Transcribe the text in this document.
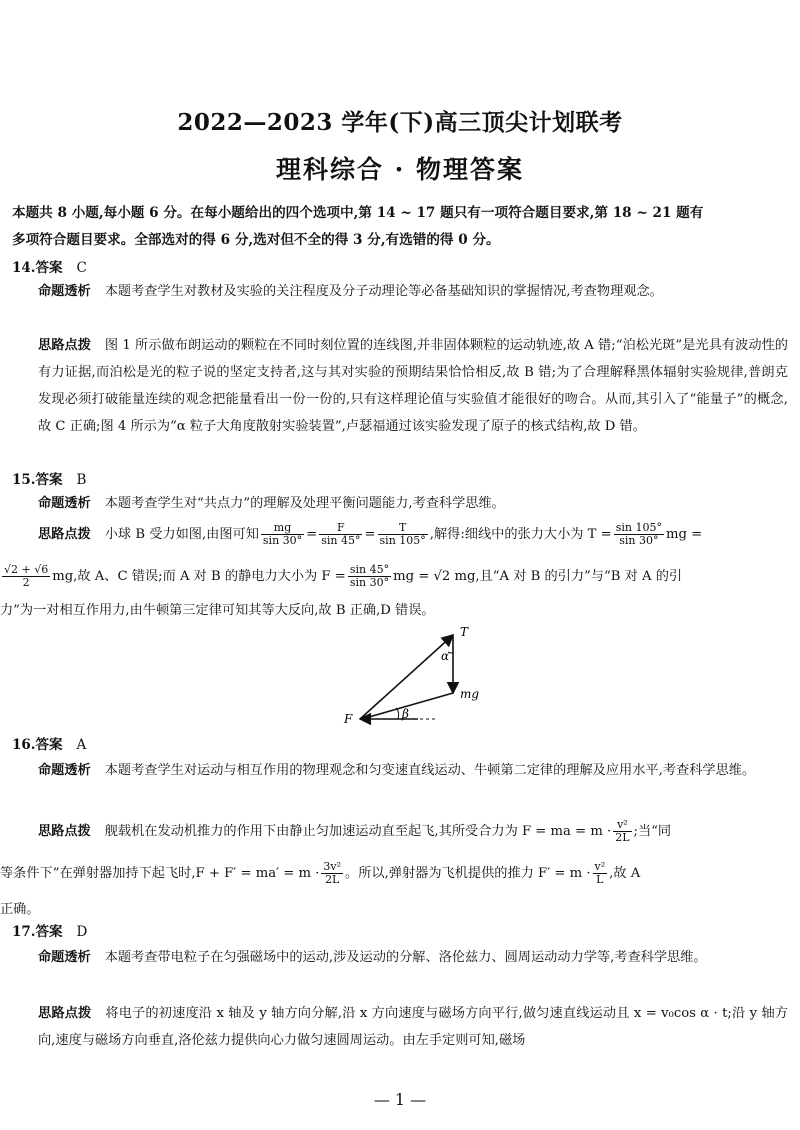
2022—2023 学年(下)高三顶尖计划联考
理科综合 · 物理答案
本题共 8 小题,每小题 6 分。在每小题给出的四个选项中,第 14 ~ 17 题只有一项符合题目要求,第 18 ~ 21 题有
多项符合题目要求。全部选对的得 6 分,选对但不全的得 3 分,有选错的得 0 分。
14.答案 C
命题透析 本题考查学生对教材及实验的关注程度及分子动理论等必备基础知识的掌握情况,考查物理观念。
思路点拨 图 1 所示做布朗运动的颗粒在不同时刻位置的连线图,并非固体颗粒的运动轨迹,故 A 错;“泊松光斑”是光具有波动性的有力证据,而泊松是光的粒子说的坚定支持者,这与其对实验的预期结果恰恰相反,故 B 错;为了合理解释黑体辐射实验规律,普朗克发现必须打破能量连续的观念把能量看出一份一份的,只有这样理论值与实验值才能很好的吻合。从而,其引入了“能量子”的概念,故 C 正确;图 4 所示为“α 粒子大角度散射实验装置”,卢瑟福通过该实验发现了原子的核式结构,故 D 错。
15.答案 B
命题透析 本题考查学生对“共点力”的理解及处理平衡问题能力,考查科学思维。
思路点拨 小球 B 受力如图,由图可知 $\frac{mg}{\sin 30^\circ} = \frac{F}{\sin 45^\circ} = \frac{T}{\sin 105^\circ}$ ,解得:细线中的张力大小为 $T = \frac{\sin 105^\circ}{\sin 30^\circ}$ mg =
$\frac{√2 + √6}{2}$ mg,故 A、C 错误;而 A 对 B 的静电力大小为 $F = \frac{\sin 45^\circ}{\sin 30^\circ}$ mg = √2 mg,且“A 对 B 的引力”与“B 对 A 的引
力”为一对相互作用力,由牛顿第三定律可知其等大反向,故 B 正确,D 错误。
T
α
mg
F	β
16.答案 A
命题透析 本题考查学生对运动与相互作用的物理观念和匀变速直线运动、牛顿第二定律的理解及应用水平,考查科学思维。
思路点拨 舰载机在发动机推力的作用下由静止匀加速运动直至起飞,其所受合力为 F = ma = $m \cdot \frac{\text{v²}}{2L}$ ;当“同
等条件下”在弹射器加持下起飞时$,F + F' = ma' = m \cdot \frac{\text{3v²}}{2L}$ 。所以,弹射器为飞机提供的推力 $F' = m \cdot \frac{\text{v²}}{L}$ ,故 A
正确。
17.答案 D
命题透析 本题考查带电粒子在匀强磁场中的运动,涉及运动的分解、洛伦兹力、圆周运动动力学等,考查科学思维。
思路点拨 将电子的初速度沿 x 轴及 y 轴方向分解,沿 x 方向速度与磁场方向平行,做匀速直线运动且 x = v₀cos α · t;沿 y 轴方向,速度与磁场方向垂直,洛伦兹力提供向心力做匀速圆周运动。由左手定则可知,磁场
— 1 —
